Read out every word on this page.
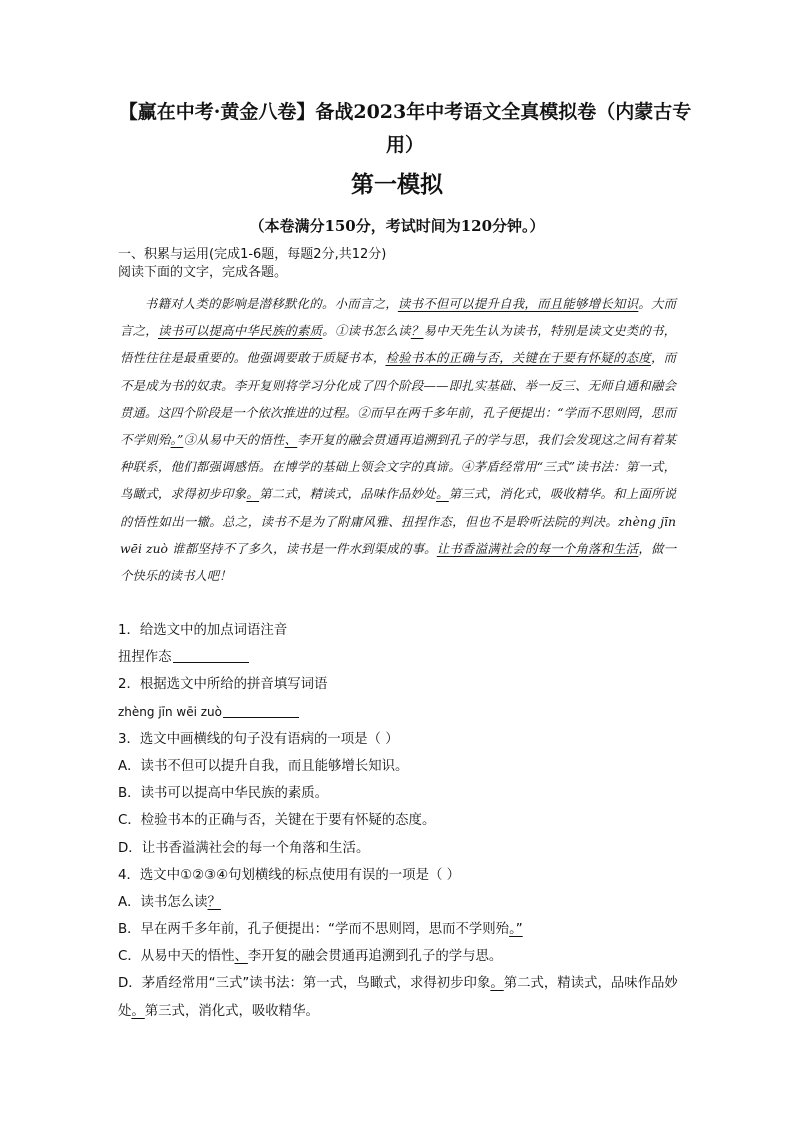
【赢在中考·黄金八卷】备战2023年中考语文全真模拟卷（内蒙古专用）
第一模拟
（本卷满分150分，考试时间为120分钟。）
一、积累与运用(完成1-6题，每题2分,共12分)
阅读下面的文字，完成各题。
书籍对人类的影响是潜移默化的。小而言之，读书不但可以提升自我，而且能够增长知识。大而言之，读书可以提高中华民族的素质。①读书怎么读？易中天先生认为读书，特别是读文史类的书，悟性往往是最重要的。他强调要敢于质疑书本，检验书本的正确与否，关键在于要有怀疑的态度，而不是成为书的奴隶。李开复则将学习分化成了四个阶段——即扎实基础、举一反三、无师自通和融会贯通。这四个阶段是一个依次推进的过程。②而早在两千多年前，孔子便提出：“学而不思则罔，思而不学则殆。”③从易中天的悟性、李开复的融会贯通再追溯到孔子的学与思，我们会发现这之间有着某种联系，他们都强调感悟。在博学的基础上领会文字的真谛。④茅盾经常用“三式”读书法：第一式，鸟瞰式，求得初步印象。第二式，精读式，品味作品妙处。第三式，消化式，吸收精华。和上面所说的悟性如出一辙。总之，读书不是为了附庸风雅、扭捏作态，但也不是聆听法院的判决。zhèng jīn wēi zuò 谁都坚持不了多久，读书是一件水到渠成的事。让书香溢满社会的每一个角落和生活，做一个快乐的读书人吧！
1．给选文中的加点词语注音
扭捏作态
2．根据选文中所给的拼音填写词语
zhèng jīn wēi zuò
3．选文中画横线的句子没有语病的一项是（ ）
A．读书不但可以提升自我，而且能够增长知识。
B．读书可以提高中华民族的素质。
C．检验书本的正确与否，关键在于要有怀疑的态度。
D．让书香溢满社会的每一个角落和生活。
4．选文中①②③④句划横线的标点使用有误的一项是（ ）
A．读书怎么读？
B．早在两千多年前，孔子便提出：“学而不思则罔，思而不学则殆。”
C．从易中天的悟性、李开复的融会贯通再追溯到孔子的学与思。
D．茅盾经常用“三式”读书法：第一式，鸟瞰式，求得初步印象。第二式，精读式，品味作品妙处。第三式，消化式，吸收精华。
